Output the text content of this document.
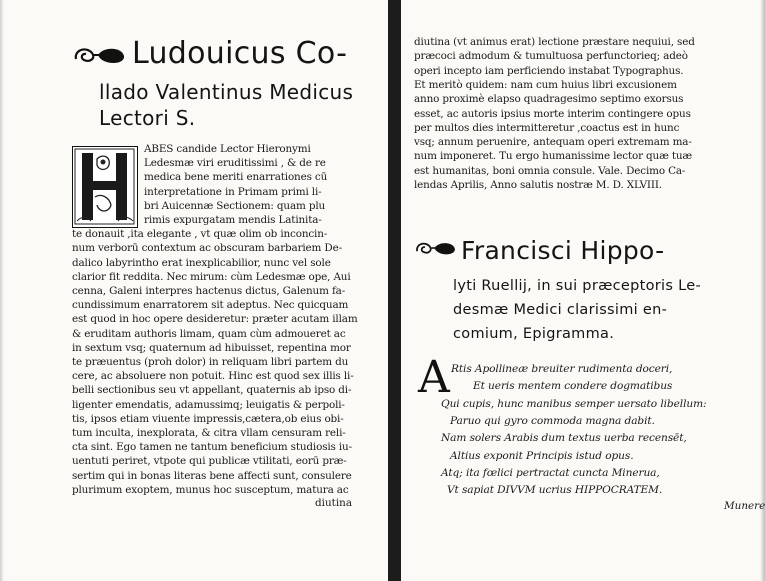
Ludouicus Co-
llado Valentinus Medicus
Lectori S.
ABES candide Lector Hieronymi
Ledesmæ viri eruditissimi , & de re
medica bene meriti enarrationes cū
interpretatione in Primam primi li-
bri Auicennæ Sectionem: quam plu
rimis expurgatam mendis Latinita-
te donauit ,ita elegante , vt quæ olim ob inconcin-
num verborū contextum ac obscuram barbariem De-
dalico labyrintho erat inexplicabilior, nunc vel sole
clarior fit reddita. Nec mirum: cùm Ledesmæ ope, Aui
cenna, Galeni interpres hactenus dictus, Galenum fa-
cundissimum enarratorem sit adeptus. Nec quicquam
est quod in hoc opere desideretur: præter acutam illam
& eruditam authoris limam, quam cùm admoueret ac
in sextum vsq; quaternum ad hibuisset, repentina mor
te præuentus (proh dolor) in reliquam libri partem du
cere, ac absoluere non potuit. Hinc est quod sex illis li-
belli sectionibus seu vt appellant, quaternis ab ipso di-
ligenter emendatis, adamussimq; leuigatis & perpoli-
tis, ipsos etiam viuente impressis,cætera,ob eius obi-
tum inculta, inexplorata, & citra vllam censuram reli-
cta sint. Ego tamen ne tantum beneficium studiosis iu-
uentuti periret, vtpote qui publicæ vtilitati, eorū præ-
sertim qui in bonas literas bene affecti sunt, consulere
plurimum exoptem, munus hoc susceptum, matura ac
diutina
diutina (vt animus erat) lectione præstare nequiui, sed
præcoci admodum & tumultuosa perfunctorieq; adeò
operi incepto iam perficiendo instabat Typographus.
Et meritò quidem: nam cum huius libri excusionem
anno proximè elapso quadragesimo septimo exorsus
esset, ac autoris ipsius morte interim contingere opus
per multos dies intermitteretur ,coactus est in hunc
vsq; annum peruenire, antequam operi extremam ma-
num imponeret. Tu ergo humanissime lector quæ tuæ
est humanitas, boni omnia consule. Vale. Decimo Ca-
lendas Aprilis, Anno salutis nostræ M. D. XLVIII.
Francisci Hippo-
lyti Ruellij, in sui præceptoris Le-
desmæ Medici clarissimi en-
comium, Epigramma.
A Rtis Apollineæ breuiter rudimenta doceri,
Et ueris mentem condere dogmatibus
Qui cupis, hunc manibus semper uersato libellum:
Paruo qui gyro commoda magna dabit.
Nam solers Arabis dum textus uerba recensēt,
Altius exponit Principis istud opus.
Atq; ita fœlici pertractat cuncta Minerua,
Vt sapiat DIVVM ucrius HIPPOCRATEM.
Munere
